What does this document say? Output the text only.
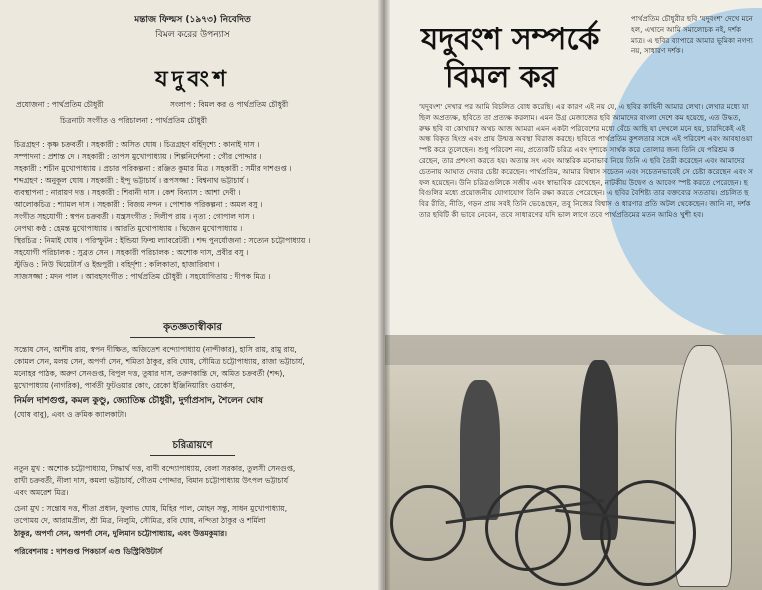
মন্তাজ ফিল্মস (১৯৭৩) নিবেদিত
বিমল করের উপন্যাস
যদুবংশ
প্রযোজনা : পার্থপ্রতিম চৌধুরী	সংলাপ : বিমল কর ও পার্থপ্রতিম চৌধুরী
চিত্রনাট্য সংগীত ও পরিচালনা : পার্থপ্রতিম চৌধুরী
চিত্রগ্রহণ : কৃষ্ণ চক্রবর্তী । সহকারী : অসিত ঘোষ । চিত্রগ্রহণ বর্হিদৃশ্যে : কানাই দাস ।
সম্পাদনা : প্রশান্ত দে । সহকারী : তাপস মুখোপাধ্যায় । শিল্পনির্দেশনা : গৌর পোদ্দার ।
সহকারী : শচীন মুখোপাধ্যায় । প্রচার পরিকল্পনা : রঞ্জিত কুমার মিত্র । সহকারী : সমীর দাশগুপ্ত ।
শব্দগ্রহণ : অনুকূল ঘোষ । সহকারী : ইন্দু ভট্টাচার্য । রূপসজ্জা : বিশ্বনাথ ভট্টাচার্য ।
ব্যবস্থাপনা : নারায়ণ দত্ত । সহকারী : শিবানী দাস । কেশ বিন্যাস : আশা দেবী ।
আলোকচিত্র : শ্যামল দাস । সহকারী : বিজয় নন্দন । পোশাক পরিকল্পনা : অমল বসু ।
সংগীত সহযোগী : স্বপন চক্রবর্তী । যন্ত্রসংগীত : দিলীপ রায় । নৃত্য : গোপাল দাস ।
নেপথ্য কণ্ঠ : হেমন্ত মুখোপাধ্যায় । আরতি মুখোপাধ্যায় । দ্বিজেন মুখোপাধ্যায় ।
স্থিরচিত্র : নিমাই ঘোষ । পরিস্ফুটন : ইন্ডিয়া ফিল্ম ল্যাবরেটরী । শব্দ পুনর্যোজনা : সত্যেন চট্টোপাধ্যায় ।
সহযোগী পরিচালক : সুব্রত সেন । সহকারী পরিচালক : অশোক দাস, প্রবীর বসু ।
স্টুডিও : নিউ থিয়েটার্স ও ইন্দ্রপুরী । বহির্দৃশ্য : কলিকাতা, হাজারিবাগ ।
সাজসজ্জা : মদন পাল । আবহসংগীত : পার্থপ্রতিম চৌধুরী । সহযোগিতায় : দীপক মিত্র ।
কৃতজ্ঞতাস্বীকার
সন্তোষ সেন, আশীষ রায়, স্বপন দীক্ষিত, অজিতেশ বন্দ্যোপাধ্যায় (নান্দীকার), হাসি রায়, রামু রায়,
কোমল সেন, মলয় সেন, অপর্ণা সেন, শমিতা ঠাকুর, রবি ঘোষ, সৌমিত্র চট্টোপাধ্যায়, রাজা ভট্টাচার্য,
মনোহর পাঠক, অরুণ সেনগুপ্ত, বিপুল দত্ত, তুষার দাস, তরুণকান্তি দে, অমিত চক্রবর্তী (শব্দ),
মুখোপাধ্যায় (নাগরিক), পার্বতী ফুটওয়ার কোং, রেকো ইঞ্জিনিয়ারিং ওয়ার্কস,
নির্মল দাশগুপ্ত, কমল কুণ্ডু, জ্যোতিষ্ক চৌধুরী, দুর্গাপ্রসাদ, শৈলেন ঘোষ
(ঘোষ বাবু), এবং ও ক্রমিক ক্যালকাটা।
চরিত্রায়ণে
নতুন মুখ : অশোক চট্টোপাধ্যায়, সিদ্ধার্থ দত্ত, বাণী বন্দ্যোপাধ্যায়, বেলা সরকার, তুলসী সেনগুপ্ত,
রাখী চক্রবর্তী, নীলা দাস, কমলা ভট্টাচার্য, গৌতম পোদ্দার, বিমান চট্টোপাধ্যায় উৎপল ভট্টাচার্য
এবং অমরেশ মিত্র।
চেনা মুখ : সন্তোষ দত্ত, শীতা প্রধান, ফুলাভ ঘোষ, মিহির পাল, মোহন সন্তু, সাধন মুখোপাধ্যায়,
তপোময় দে, আরামপ্রীল, শ্রী মিত্র, নিলুমি, সৌমিত্র, রবি ঘোষ, নন্দিতা ঠাকুর ও শর্মিলা
ঠাকুর, অপর্ণা সেন, অপর্ণা সেন, দুলিমান চট্টোপাধ্যায়, এবং উত্তমকুমার।
পরিবেশনায় : দাশগুপ্ত পিকচার্স এণ্ড ডিস্ট্রিবিউটার্স
যদুবংশ সম্পর্কে
বিমল কর
পার্থপ্রতিম চৌধুরীর ছবি 'যদুবংশ' দেখে মনে হল, এখানে আমি সমালোচক নই, দর্শক মাত্র। এ ছবির ব্যাপারে আমার ভূমিকা নগণ্য নয়, সাধারণ দর্শক।
'যদুবংশ' দেখার পর আমি বিচলিত বোধ করেছি। এর কারণ এই নয় যে, এ ছবির কাহিনী আমার লেখা। লেখার মধ্যে যা ছিল অপ্রত্যক্ষ, ছবিতে তা প্রত্যক্ষ করলাম। এমন উগ্র মেজাজের ছবি আমাদের বাংলা দেশে কম হয়েছে, এত উদ্ধত, রুক্ষ ছবি বা কোথায়? অথচ আজ আমরা এমন একটা পরিবেশের মধ্যে বেঁচে আছি যা দেখলে মনে হয়, চারদিকেই এই অন্ধ বিকৃত হিংস্র এবং প্রায় উন্মত্ত অবস্থা বিরাজ করছে। ছবিতে পার্থপ্রতিম কুশলতার সঙ্গে এই পরিবেশ এবং আবহাওয়া স্পষ্ট করে তুলেছেন। শুধু পরিবেশ নয়, প্রত্যেকটি চরিত্র এবং দৃশ্যকে সার্থক করে তোলার জন্য তিনি যে পরিশ্রম করেছেন, তার প্রশংসা করতে হয়। অত্যন্ত সৎ এবং আন্তরিক মনোভাব নিয়ে তিনি এ ছবি তৈরী করেছেন এবং আমাদের চেতনায় আঘাত দেবার চেষ্টা করেছেন। পার্থপ্রতিম, আমার বিশ্বাস সচেতন এবং সচেতনভাবেই সে চেষ্টা করেছেন এবং সফল হয়েছেন। উনি চরিত্রগুলিকে সজীব এবং স্বাভাবিক রেখেছেন, নাটকীয় উদ্বেগ ও আবেগ স্পষ্ট করতে পেরেছেন। ছবিগুলির মধ্যে প্রয়োজনীয় যোগাযোগ তিনি রক্ষা করতে পেরেছেন। এ ছবির বৈশিষ্ট্য তার বক্তব্যের সততায়। প্রচলিত ছবির রীতি, নীতি, গড়ন প্রায় সবই তিনি ভেঙেছেন, তবু নিজের বিশ্বাস ও ধারণার প্রতি অটল থেকেছেন। জানি না, দর্শক তার ছবিটি কী ভাবে নেবেন, তবে সাধারণের যদি ভাল লাগে তবে পার্থপ্রতিমের মতন আমিও খুশী হব।
